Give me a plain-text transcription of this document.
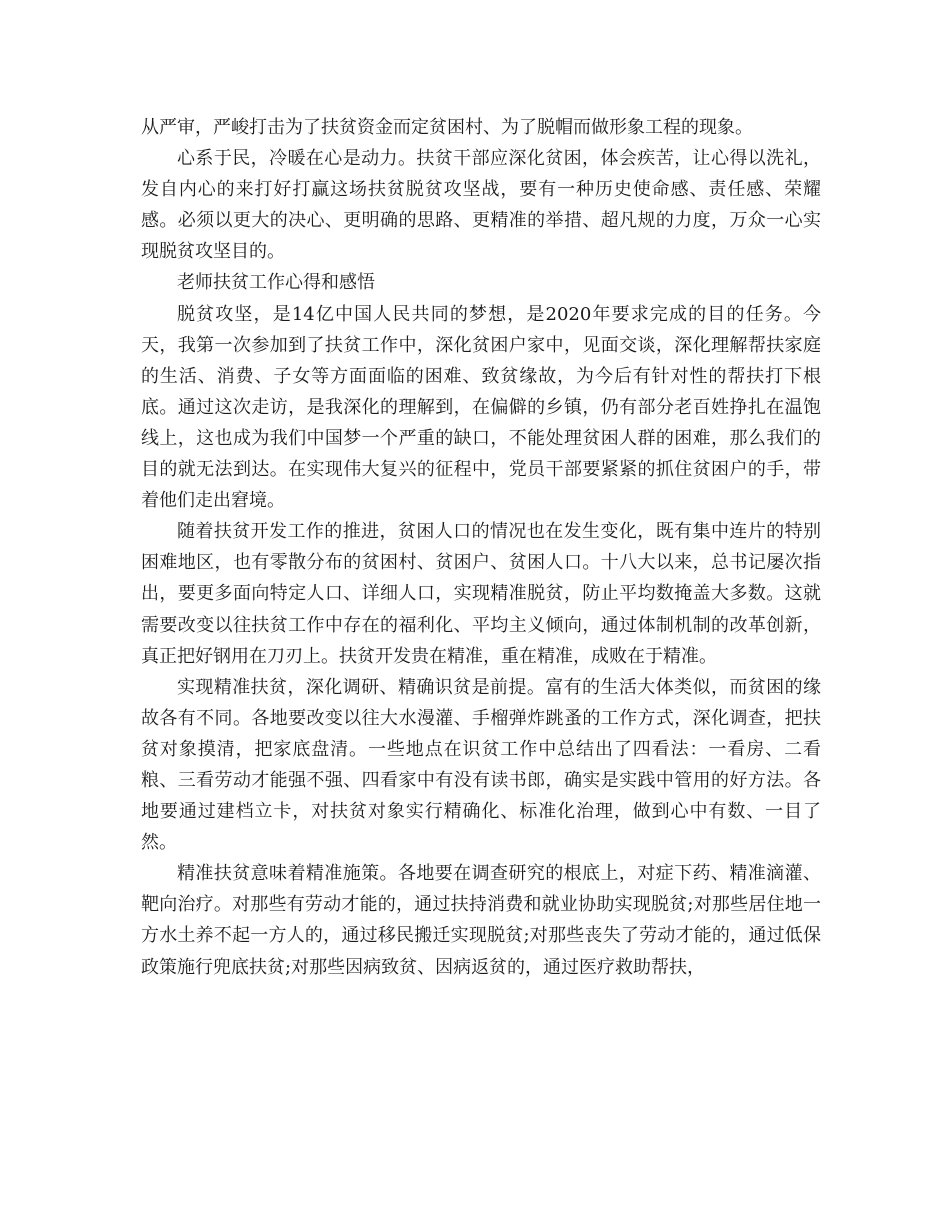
从严审，严峻打击为了扶贫资金而定贫困村、为了脱帽而做形象工程的现象。

心系于民，冷暖在心是动力。扶贫干部应深化贫困，体会疾苦，让心得以洗礼，发自内心的来打好打赢这场扶贫脱贫攻坚战，要有一种历史使命感、责任感、荣耀感。必须以更大的决心、更明确的思路、更精准的举措、超凡规的力度，万众一心实现脱贫攻坚目的。

老师扶贫工作心得和感悟

脱贫攻坚，是14亿中国人民共同的梦想，是2020年要求完成的目的任务。今天，我第一次参加到了扶贫工作中，深化贫困户家中，见面交谈，深化理解帮扶家庭的生活、消费、子女等方面面临的困难、致贫缘故，为今后有针对性的帮扶打下根底。通过这次走访，是我深化的理解到，在偏僻的乡镇，仍有部分老百姓挣扎在温饱线上，这也成为我们中国梦一个严重的缺口，不能处理贫困人群的困难，那么我们的目的就无法到达。在实现伟大复兴的征程中，党员干部要紧紧的抓住贫困户的手，带着他们走出窘境。

随着扶贫开发工作的推进，贫困人口的情况也在发生变化，既有集中连片的特别困难地区，也有零散分布的贫困村、贫困户、贫困人口。十八大以来，总书记屡次指出，要更多面向特定人口、详细人口，实现精准脱贫，防止平均数掩盖大多数。这就需要改变以往扶贫工作中存在的福利化、平均主义倾向，通过体制机制的改革创新，真正把好钢用在刀刃上。扶贫开发贵在精准，重在精准，成败在于精准。

实现精准扶贫，深化调研、精确识贫是前提。富有的生活大体类似，而贫困的缘故各有不同。各地要改变以往大水漫灌、手榴弹炸跳蚤的工作方式，深化调查，把扶贫对象摸清，把家底盘清。一些地点在识贫工作中总结出了四看法：一看房、二看粮、三看劳动才能强不强、四看家中有没有读书郎，确实是实践中管用的好方法。各地要通过建档立卡，对扶贫对象实行精确化、标准化治理，做到心中有数、一目了然。

精准扶贫意味着精准施策。各地要在调查研究的根底上，对症下药、精准滴灌、靶向治疗。对那些有劳动才能的，通过扶持消费和就业协助实现脱贫;对那些居住地一方水土养不起一方人的，通过移民搬迁实现脱贫;对那些丧失了劳动才能的，通过低保政策施行兜底扶贫;对那些因病致贫、因病返贫的，通过医疗救助帮扶，
